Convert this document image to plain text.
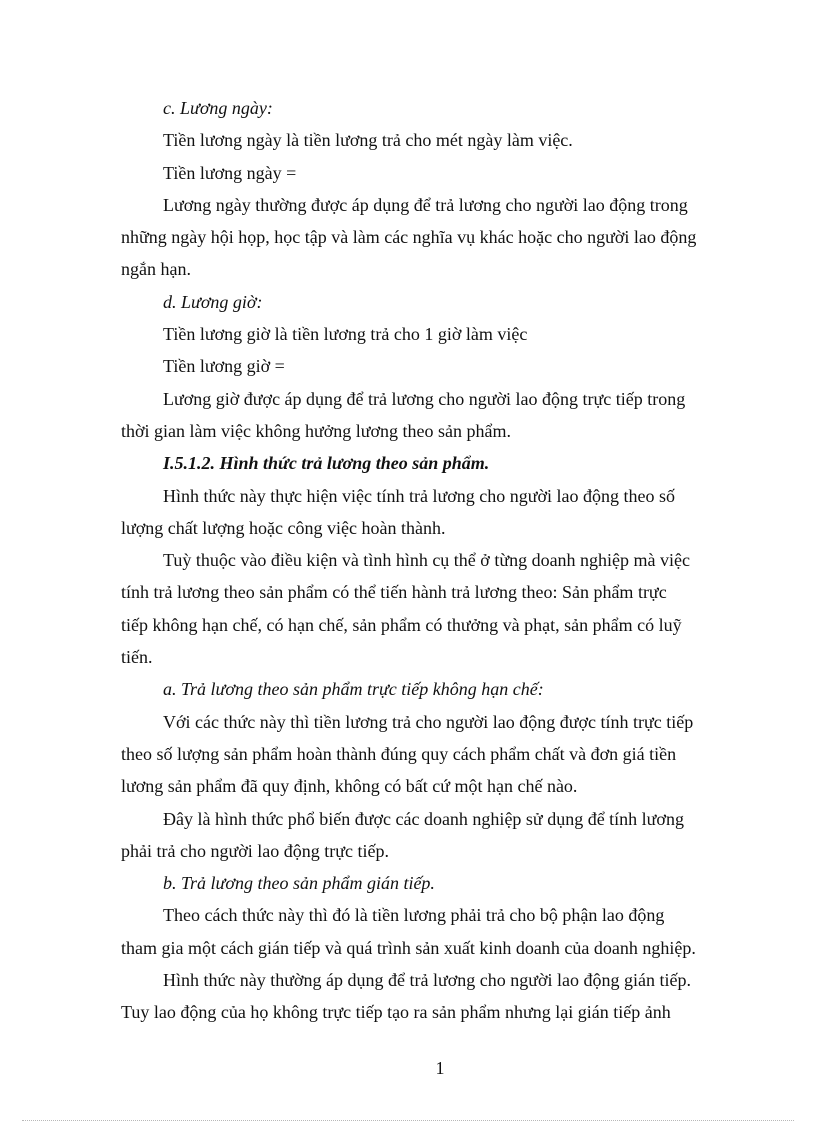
c. Lương ngày:
Tiền lương ngày là tiền lương trả cho mét ngày làm việc.
Tiền lương ngày =
Lương ngày thường được áp dụng để trả lương cho người lao động trong
những ngày hội họp, học tập và làm các nghĩa vụ khác hoặc cho người lao động
ngắn hạn.
d. Lương giờ:
Tiền lương giờ là tiền lương trả cho 1 giờ làm việc
Tiền lương giờ =
Lương giờ được áp dụng để trả lương cho người lao động trực tiếp trong
thời gian làm việc không hưởng lương theo sản phẩm.
I.5.1.2. Hình thức trả lương theo sản phẩm.
Hình thức này thực hiện việc tính trả lương cho người lao động theo số
lượng chất lượng hoặc công việc hoàn thành.
Tuỳ thuộc vào điều kiện và tình hình cụ thể ở từng doanh nghiệp mà việc
tính trả lương theo sản phẩm có thể tiến hành trả lương theo: Sản phẩm trực
tiếp không hạn chế, có hạn chế, sản phẩm có thưởng và phạt, sản phẩm có luỹ
tiến.
a. Trả lương theo sản phẩm trực tiếp không hạn chế:
Với các thức này thì tiền lương trả cho người lao động được tính trực tiếp
theo số lượng sản phẩm hoàn thành đúng quy cách phẩm chất và đơn giá tiền
lương sản phẩm đã quy định, không có bất cứ một hạn chế nào.
Đây là hình thức phổ biến được các doanh nghiệp sử dụng để tính lương
phải trả cho người lao động trực tiếp.
b. Trả lương theo sản phẩm gián tiếp.
Theo cách thức này thì đó là tiền lương phải trả cho bộ phận lao động
tham gia một cách gián tiếp và quá trình sản xuất kinh doanh của doanh nghiệp.
Hình thức này thường áp dụng để trả lương cho người lao động gián tiếp.
Tuy lao động của họ không trực tiếp tạo ra sản phẩm nhưng lại gián tiếp ảnh
1
